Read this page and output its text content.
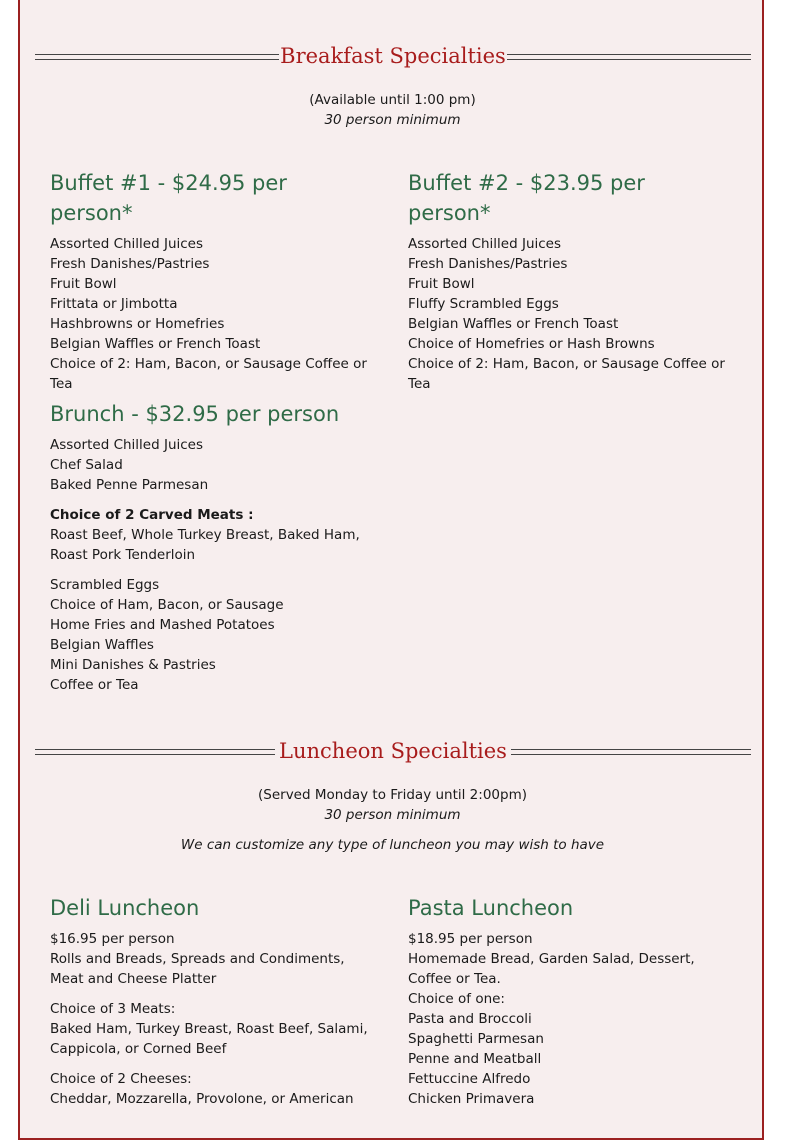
Breakfast Specialties
(Available until 1:00 pm)
30 person minimum
Buffet #1 - $24.95 per person*
Assorted Chilled Juices
Fresh Danishes/Pastries
Fruit Bowl
Frittata or Jimbotta
Hashbrowns or Homefries
Belgian Waffles or French Toast
Choice of 2: Ham, Bacon, or Sausage Coffee or Tea
Buffet #2 - $23.95 per person*
Assorted Chilled Juices
Fresh Danishes/Pastries
Fruit Bowl
Fluffy Scrambled Eggs
Belgian Waffles or French Toast
Choice of Homefries or Hash Browns
Choice of 2: Ham, Bacon, or Sausage Coffee or Tea
Brunch - $32.95 per person
Assorted Chilled Juices
Chef Salad
Baked Penne Parmesan
Choice of 2 Carved Meats :
Roast Beef, Whole Turkey Breast, Baked Ham, Roast Pork Tenderloin
Scrambled Eggs
Choice of Ham, Bacon, or Sausage
Home Fries and Mashed Potatoes
Belgian Waffles
Mini Danishes & Pastries
Coffee or Tea
Luncheon Specialties
(Served Monday to Friday until 2:00pm)
30 person minimum
We can customize any type of luncheon you may wish to have
Deli Luncheon
$16.95 per person
Rolls and Breads, Spreads and Condiments, Meat and Cheese Platter
Choice of 3 Meats:
Baked Ham, Turkey Breast, Roast Beef, Salami, Cappicola, or Corned Beef
Choice of 2 Cheeses:
Cheddar, Mozzarella, Provolone, or American
Pasta Luncheon
$18.95 per person
Homemade Bread, Garden Salad, Dessert, Coffee or Tea.
Choice of one:
Pasta and Broccoli
Spaghetti Parmesan
Penne and Meatball
Fettuccine Alfredo
Chicken Primavera
